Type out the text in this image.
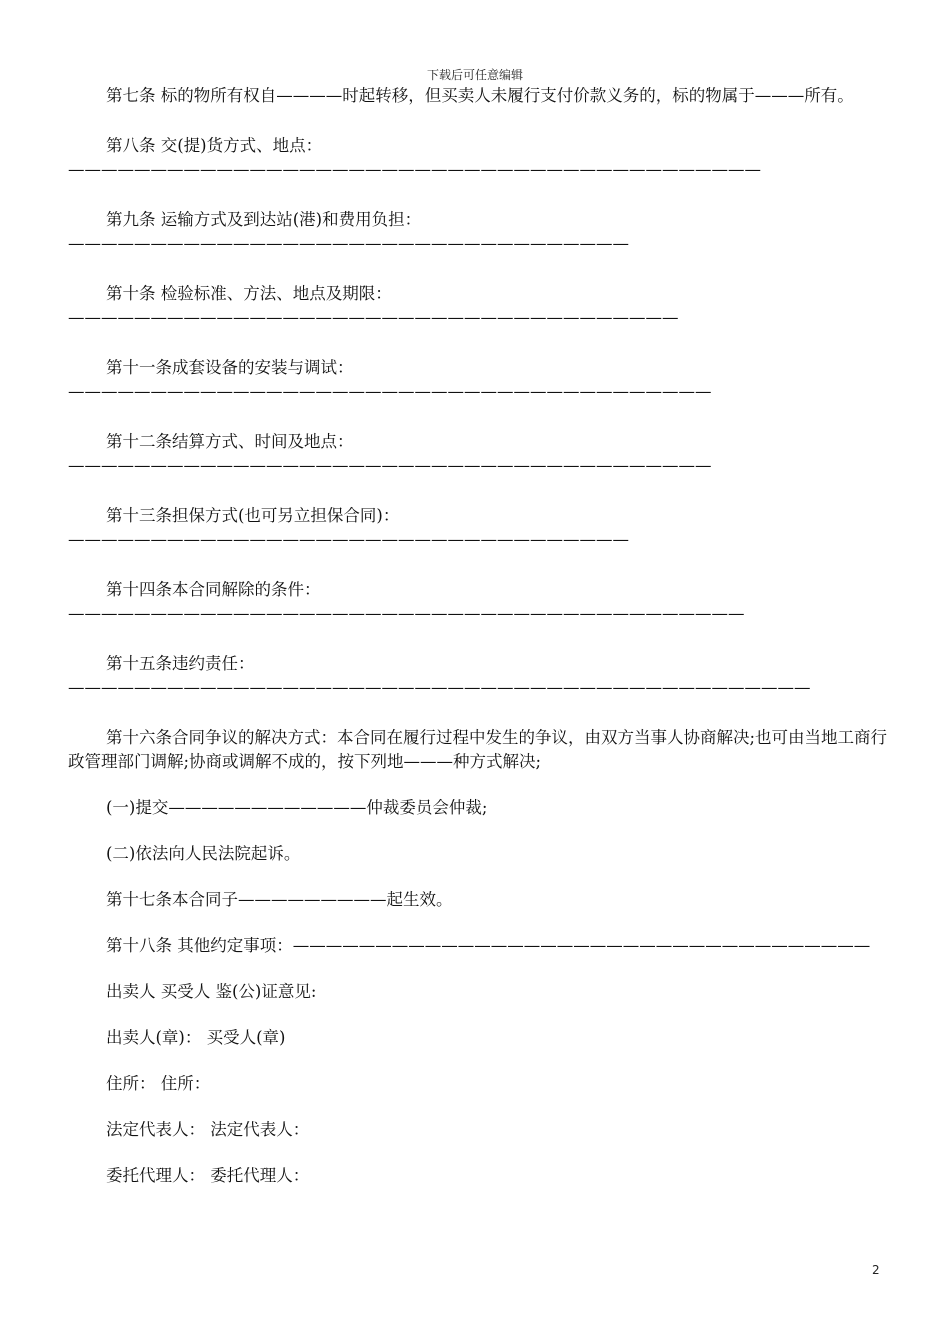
下载后可任意编辑

第七条 标的物所有权自————时起转移，但买卖人未履行支付价款义务的，标的物属于———所有。

第八条 交(提)货方式、地点：——————————————————————————————————————————

第九条 运输方式及到达站(港)和费用负担：——————————————————————————————————

第十条 检验标准、方法、地点及期限：—————————————————————————————————————

第十一条成套设备的安装与调试：———————————————————————————————————————

第十二条结算方式、时间及地点：———————————————————————————————————————

第十三条担保方式(也可另立担保合同)：——————————————————————————————————

第十四条本合同解除的条件：—————————————————————————————————————————

第十五条违约责任：—————————————————————————————————————————————

第十六条合同争议的解决方式：本合同在履行过程中发生的争议，由双方当事人协商解决;也可由当地工商行政管理部门调解;协商或调解不成的，按下列地———种方式解决;

(一)提交————————————仲裁委员会仲裁;

(二)依法向人民法院起诉。

第十七条本合同子—————————起生效。

第十八条 其他约定事项：———————————————————————————————————

出卖人 买受人 鉴(公)证意见:

出卖人(章)： 买受人(章)

住所： 住所：

法定代表人： 法定代表人：

委托代理人： 委托代理人：

2
